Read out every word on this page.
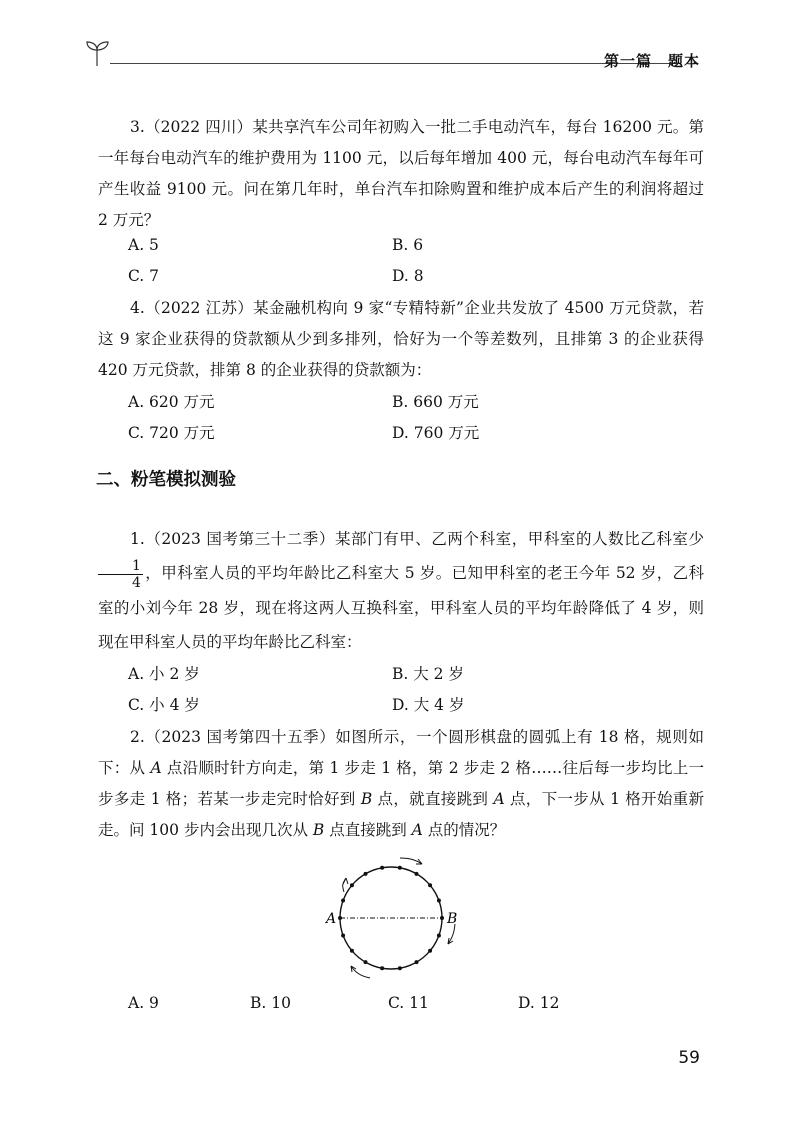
第一篇　题本

3.（2022 四川）某共享汽车公司年初购入一批二手电动汽车，每台 16200 元。第一年每台电动汽车的维护费用为 1100 元，以后每年增加 400 元，每台电动汽车每年可产生收益 9100 元。问在第几年时，单台汽车扣除购置和维护成本后产生的利润将超过 2 万元？

A. 5	B. 6
C. 7	D. 8

4.（2022 江苏）某金融机构向 9 家“专精特新”企业共发放了 4500 万元贷款，若这 9 家企业获得的贷款额从少到多排列，恰好为一个等差数列，且排第 3 的企业获得 420 万元贷款，排第 8 的企业获得的贷款额为：

A. 620 万元	B. 660 万元
C. 720 万元	D. 760 万元
二、粉笔模拟测验

1.（2023 国考第三十二季）某部门有甲、乙两个科室，甲科室的人数比乙科室少
$\frac{1}{4}$ ，甲科室人员的平均年龄比乙科室大 5 岁。已知甲科室的老王今年 52 岁，乙科室的小刘今年 28 岁，现在将这两人互换科室，甲科室人员的平均年龄降低了 4 岁，则现在甲科室人员的平均年龄比乙科室：

A. 小 2 岁	B. 大 2 岁
C. 小 4 岁	D. 大 4 岁

2.（2023 国考第四十五季）如图所示，一个圆形棋盘的圆弧上有 18 格，规则如下：从 A 点沿顺时针方向走，第 1 步走 1 格，第 2 步走 2 格……往后每一步均比上一步多走 1 格；若某一步走完时恰好到 B 点，就直接跳到 A 点，下一步从 1 格开始重新走。问 100 步内会出现几次从 B 点直接跳到 A 点的情况？

A	B
A. 9	B. 10	C. 11	D. 12
59
